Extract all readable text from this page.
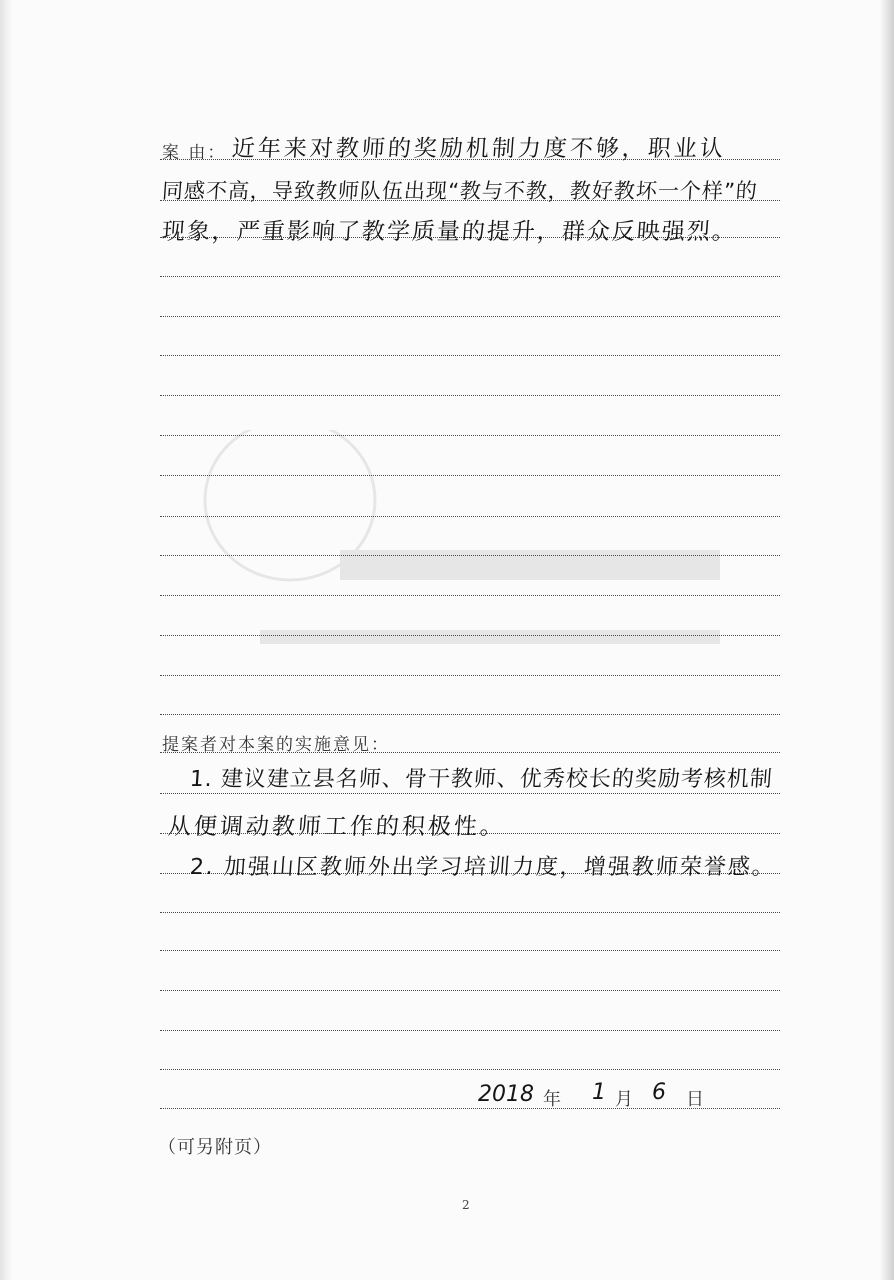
案 由： 近年来对教师的奖励机制力度不够，职业认
同感不高，导致教师队伍出现“教与不教，教好教坏一个样”的
现象，严重影响了教学质量的提升，群众反映强烈。
提案者对本案的实施意见：
1. 建议建立县名师、骨干教师、优秀校长的奖励考核机制
从便调动教师工作的积极性。
2. 加强山区教师外出学习培训力度，增强教师荣誉感。
2018 年 1 月 6 日
（可另附页）
2
